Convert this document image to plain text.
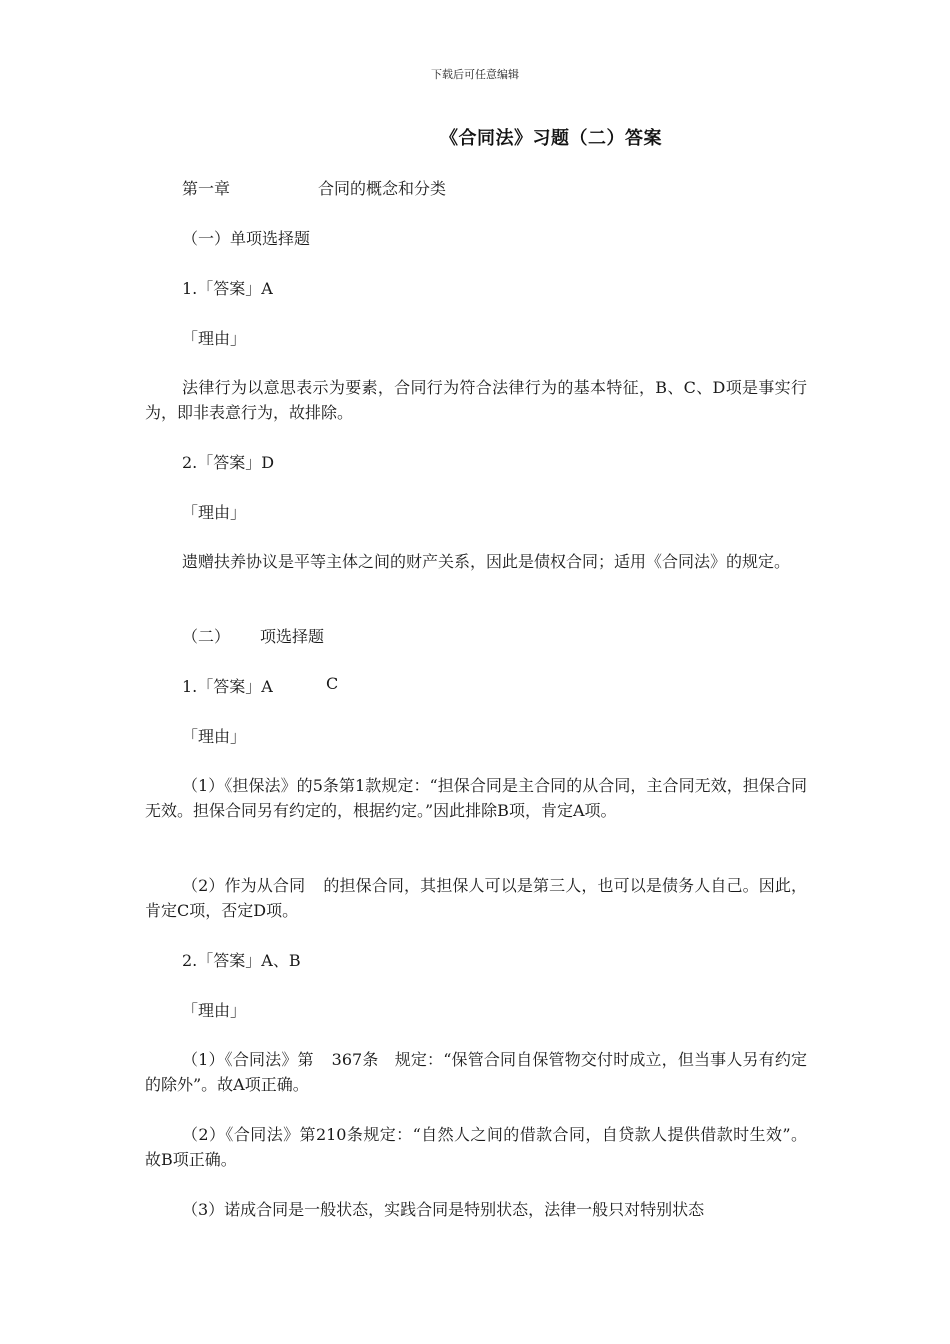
下载后可任意编辑
《合同法》习题（二）答案
第一章	合同的概念和分类
（一）单项选择题
1.「答案」A
「理由」
法律行为以意思表示为要素，合同行为符合法律行为的基本特征，B、C、D项是事实行为，即非表意行为，故排除。
2.「答案」D
「理由」
遗赠扶养协议是平等主体之间的财产关系，因此是债权合同；适用《合同法》的规定。
（二） 项选择题
1.「答案」A	C
「理由」
（1）《担保法》的5条第1款规定：“担保合同是主合同的从合同，主合同无效，担保合同无效。担保合同另有约定的，根据约定。”因此排除B项，肯定A项。
（2）作为从合同 的担保合同，其担保人可以是第三人，也可以是债务人自己。因此，肯定C项，否定D项。
2.「答案」A、B
「理由」
（1）《合同法》第 367条 规定：“保管合同自保管物交付时成立，但当事人另有约定的除外”。故A项正确。
（2）《合同法》第210条规定：“自然人之间的借款合同，自贷款人提供借款时生效”。故B项正确。
（3）诺成合同是一般状态，实践合同是特别状态，法律一般只对特别状态
